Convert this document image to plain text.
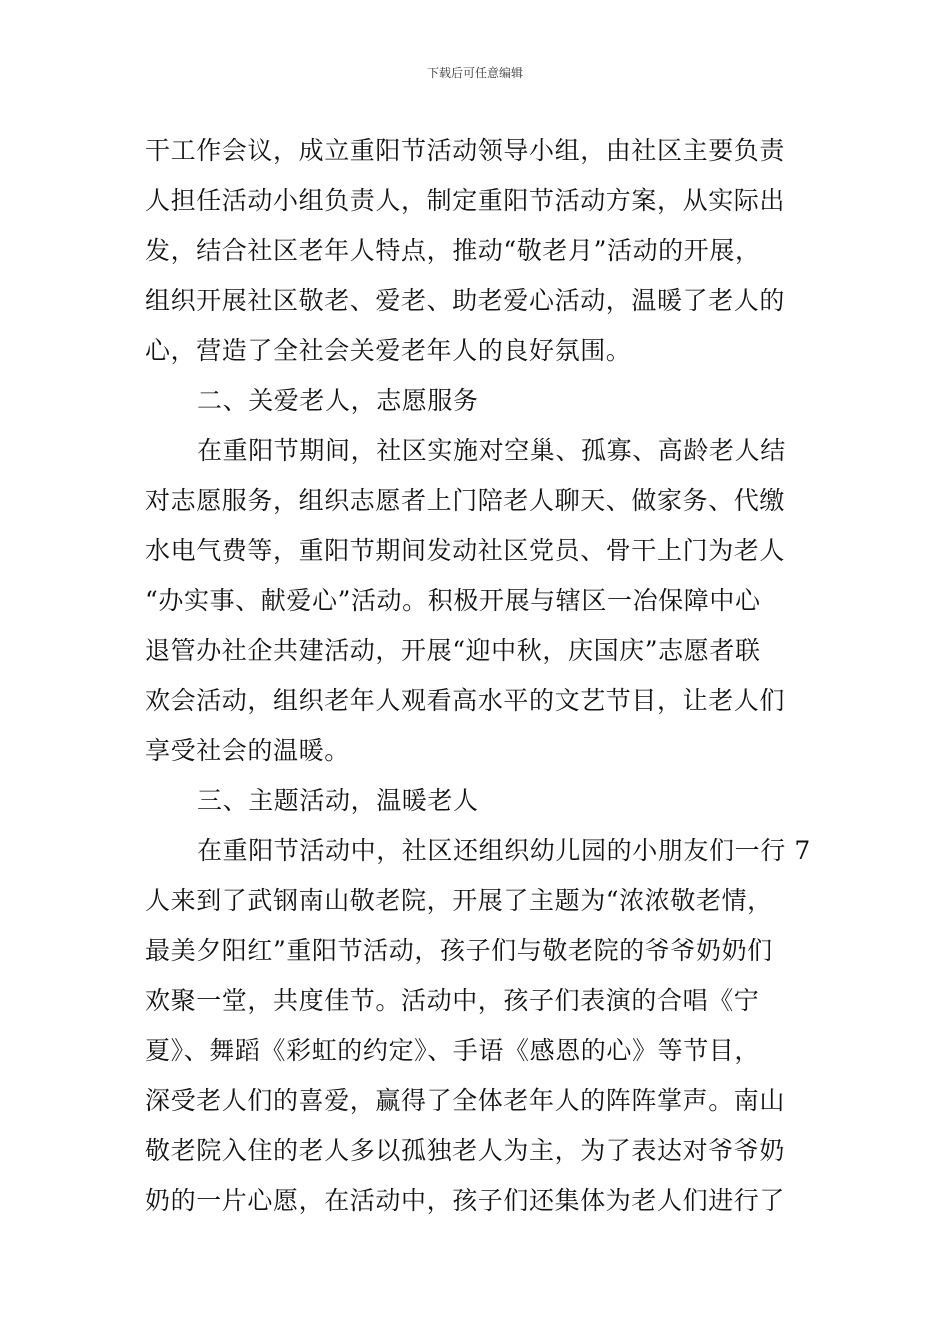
下载后可任意编辑
干工作会议，成立重阳节活动领导小组，由社区主要负责
人担任活动小组负责人，制定重阳节活动方案，从实际出
发，结合社区老年人特点，推动“敬老月”活动的开展，
组织开展社区敬老、爱老、助老爱心活动，温暖了老人的
心，营造了全社会关爱老年人的良好氛围。
二、关爱老人，志愿服务
在重阳节期间，社区实施对空巢、孤寡、高龄老人结
对志愿服务，组织志愿者上门陪老人聊天、做家务、代缴
水电气费等，重阳节期间发动社区党员、骨干上门为老人
“办实事、献爱心”活动。积极开展与辖区一冶保障中心
退管办社企共建活动，开展“迎中秋，庆国庆”志愿者联
欢会活动，组织老年人观看高水平的文艺节目，让老人们
享受社会的温暖。
三、主题活动，温暖老人
在重阳节活动中，社区还组织幼儿园的小朋友们一行 7
人来到了武钢南山敬老院，开展了主题为“浓浓敬老情，
最美夕阳红”重阳节活动，孩子们与敬老院的爷爷奶奶们
欢聚一堂，共度佳节。活动中，孩子们表演的合唱《宁
夏》、舞蹈《彩虹的约定》、手语《感恩的心》等节目，
深受老人们的喜爱，赢得了全体老年人的阵阵掌声。南山
敬老院入住的老人多以孤独老人为主，为了表达对爷爷奶
奶的一片心愿，在活动中，孩子们还集体为老人们进行了
